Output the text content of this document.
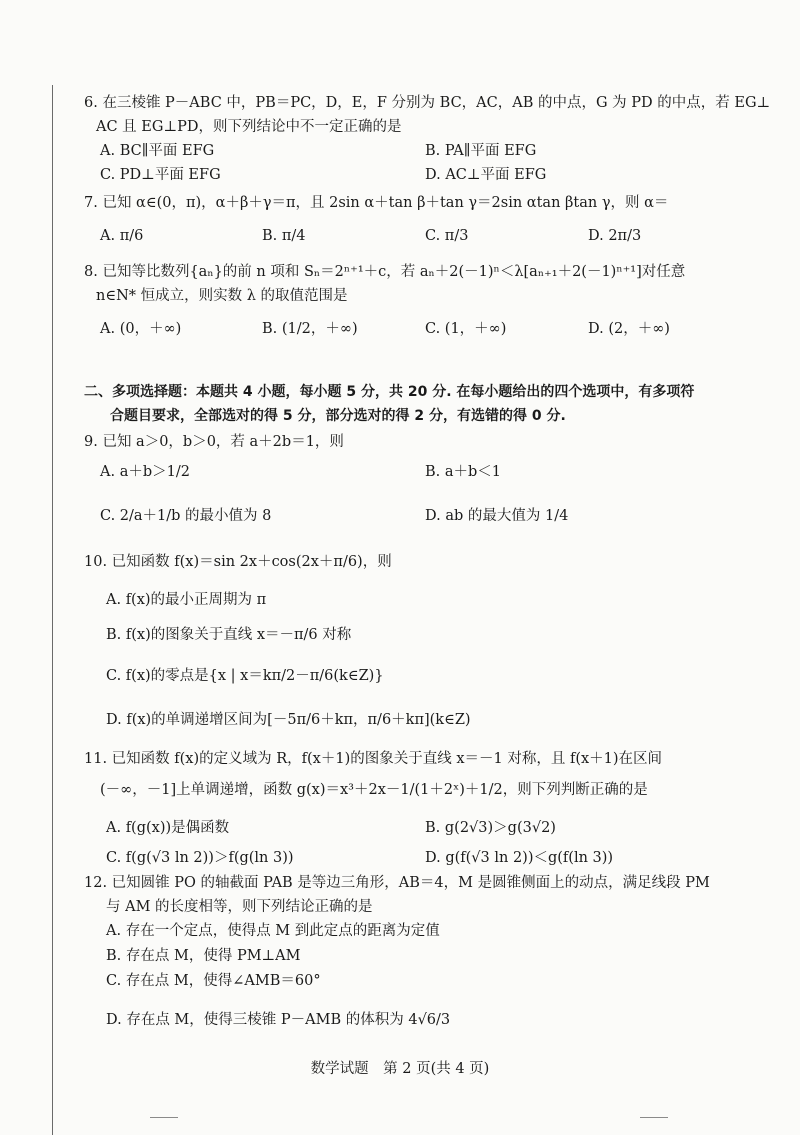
6. 在三棱锥 P－ABC 中，PB＝PC，D，E，F 分别为 BC，AC，AB 的中点，G 为 PD 的中点，若 EG⊥
AC 且 EG⊥PD，则下列结论中不一定正确的是
A. BC∥平面 EFG	B. PA∥平面 EFG
C. PD⊥平面 EFG	D. AC⊥平面 EFG
7. 已知 α∈(0，π)，α＋β＋γ＝π，且 2sin α＋tan β＋tan γ＝2sin αtan βtan γ，则 α＝
A. π/6	B. π/4	C. π/3	D. 2π/3
8. 已知等比数列{aₙ}的前 n 项和 Sₙ＝2ⁿ⁺¹＋c，若 aₙ＋2(－1)ⁿ＜λ[aₙ₊₁＋2(－1)ⁿ⁺¹]对任意
n∈N* 恒成立，则实数 λ 的取值范围是
A. (0，＋∞)	B. (1/2，＋∞)	C. (1，＋∞)	D. (2，＋∞)
二、多项选择题：本题共 4 小题，每小题 5 分，共 20 分. 在每小题给出的四个选项中，有多项符
合题目要求，全部选对的得 5 分，部分选对的得 2 分，有选错的得 0 分.
9. 已知 a＞0，b＞0，若 a＋2b＝1，则
A. a＋b＞1/2	B. a＋b＜1
C. 2/a＋1/b 的最小值为 8	D. ab 的最大值为 1/4
10. 已知函数 f(x)＝sin 2x＋cos(2x＋π/6)，则
A. f(x)的最小正周期为 π
B. f(x)的图象关于直线 x＝－π/6 对称
C. f(x)的零点是{x | x＝kπ/2－π/6(k∈Z)}
D. f(x)的单调递增区间为[－5π/6＋kπ，π/6＋kπ](k∈Z)
11. 已知函数 f(x)的定义域为 R，f(x＋1)的图象关于直线 x＝－1 对称，且 f(x＋1)在区间
(－∞，－1]上单调递增，函数 g(x)＝x³＋2x－1/(1＋2ˣ)＋1/2，则下列判断正确的是
A. f(g(x))是偶函数	B. g(2√3)＞g(3√2)
C. f(g(√3 ln 2))＞f(g(ln 3))	D. g(f(√3 ln 2))＜g(f(ln 3))
12. 已知圆锥 PO 的轴截面 PAB 是等边三角形，AB＝4，M 是圆锥侧面上的动点，满足线段 PM
与 AM 的长度相等，则下列结论正确的是
A. 存在一个定点，使得点 M 到此定点的距离为定值
B. 存在点 M，使得 PM⊥AM
C. 存在点 M，使得∠AMB＝60°
D. 存在点 M，使得三棱锥 P－AMB 的体积为 4√6/3
数学试题　第 2 页(共 4 页)
